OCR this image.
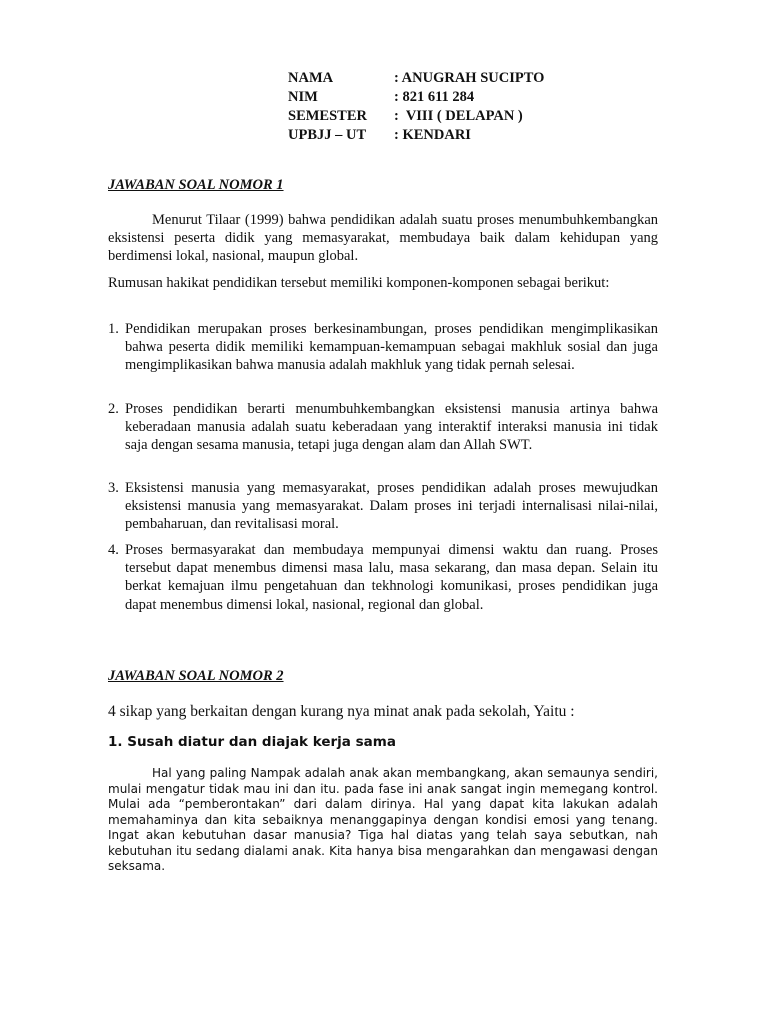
NAMA	: ANUGRAH SUCIPTO
NIM	: 821 611 284
SEMESTER	:  VIII ( DELAPAN )
UPBJJ – UT	: KENDARI
JAWABAN SOAL NOMOR 1

Menurut Tilaar (1999) bahwa pendidikan adalah suatu proses menumbuhkembangkan eksistensi peserta didik yang memasyarakat, membudaya baik dalam kehidupan yang berdimensi lokal, nasional, maupun global.

Rumusan hakikat pendidikan tersebut memiliki komponen-komponen sebagai berikut:

1. Pendidikan merupakan proses berkesinambungan, proses pendidikan mengimplikasikan bahwa peserta didik memiliki kemampuan-kemampuan sebagai makhluk sosial dan juga mengimplikasikan bahwa manusia adalah makhluk yang tidak pernah selesai.
2. Proses pendidikan berarti menumbuhkembangkan eksistensi manusia artinya bahwa keberadaan manusia adalah suatu keberadaan yang interaktif interaksi manusia ini tidak saja dengan sesama manusia, tetapi juga dengan alam dan Allah SWT.
3. Eksistensi manusia yang memasyarakat, proses pendidikan adalah proses mewujudkan eksistensi manusia yang memasyarakat. Dalam proses ini terjadi internalisasi nilai-nilai, pembaharuan, dan revitalisasi moral.
4. Proses bermasyarakat dan membudaya mempunyai dimensi waktu dan ruang. Proses tersebut dapat menembus dimensi masa lalu, masa sekarang, dan masa depan. Selain itu berkat kemajuan ilmu pengetahuan dan tekhnologi komunikasi, proses pendidikan juga dapat menembus dimensi lokal, nasional, regional dan global.
JAWABAN SOAL NOMOR 2
4 sikap yang berkaitan dengan kurang nya minat anak pada sekolah, Yaitu :
1. Susah diatur dan diajak kerja sama

Hal yang paling Nampak adalah anak akan membangkang, akan semaunya sendiri, mulai mengatur tidak mau ini dan itu. pada fase ini anak sangat ingin memegang kontrol. Mulai ada “pemberontakan” dari dalam dirinya. Hal yang dapat kita lakukan adalah memahaminya dan kita sebaiknya menanggapinya dengan kondisi emosi yang tenang. Ingat akan kebutuhan dasar manusia? Tiga hal diatas yang telah saya sebutkan, nah kebutuhan itu sedang dialami anak. Kita hanya bisa mengarahkan dan mengawasi dengan seksama.
